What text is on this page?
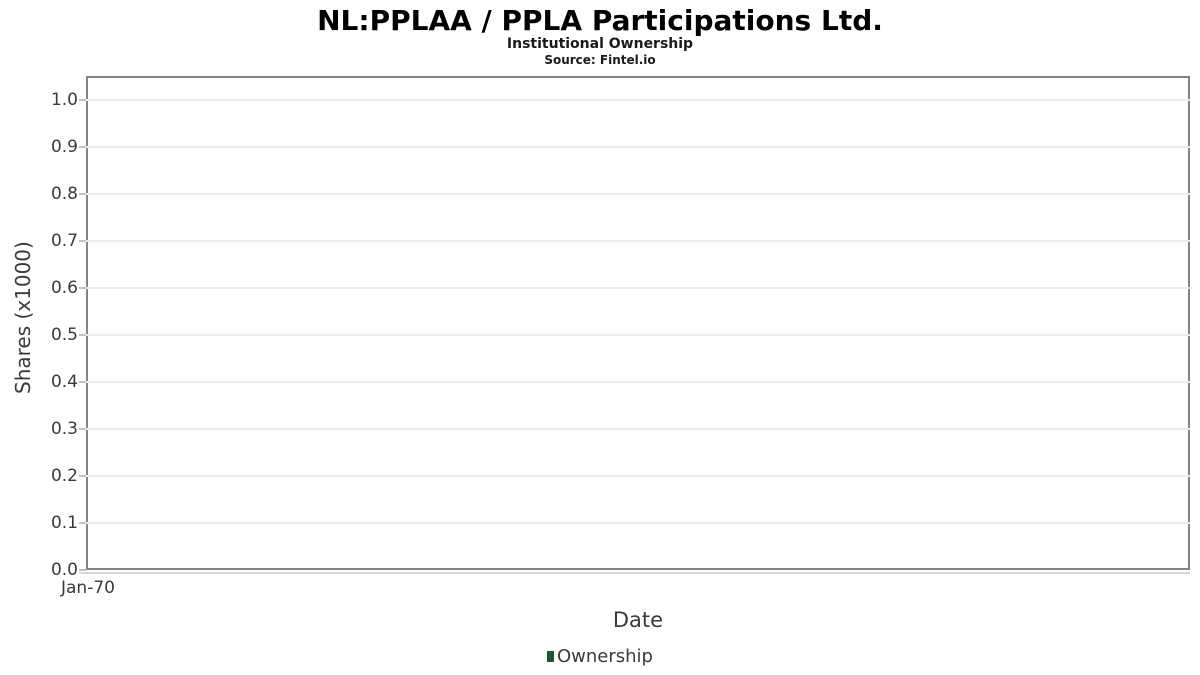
NL:PPLAA / PPLA Participations Ltd.
Institutional Ownership
Source: Fintel.io
0.0
0.1
0.2
0.3
0.4
0.5
0.6
0.7
0.8
0.9
1.0
Jan-70
Shares (x1000)
Date
Ownership
